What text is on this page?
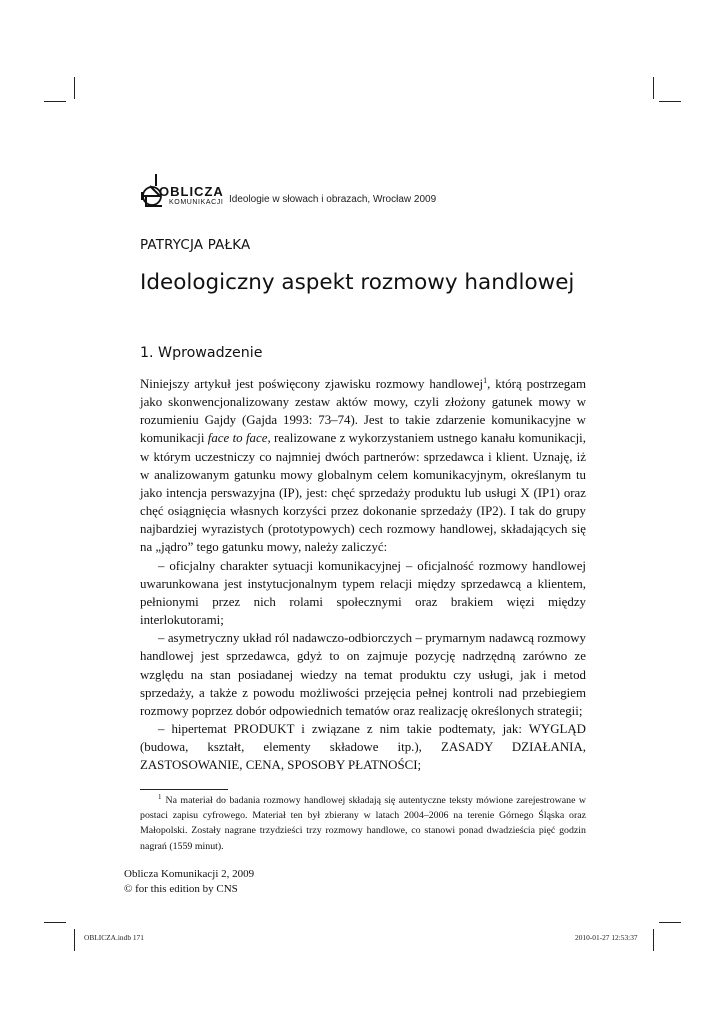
OBLICZA
KOMUNIKACJI Ideologie w słowach i obrazach, Wrocław 2009
PATRYCJA PAŁKA
Ideologiczny aspekt rozmowy handlowej
1. Wprowadzenie

Niniejszy artykuł jest poświęcony zjawisku rozmowy handlowej$^1$, którą postrzegam jako skonwencjonalizowany zestaw aktów mowy, czyli złożony gatunek mowy w rozumieniu Gajdy (Gajda 1993: 73–74). Jest to takie zdarzenie komunikacyjne w komunikacji face to face, realizowane z wykorzystaniem ustnego kanału komunikacji, w którym uczestniczy co najmniej dwóch partnerów: sprzedawca i klient. Uznaję, iż w analizowanym gatunku mowy globalnym celem komunikacyjnym, określanym tu jako intencja perswazyjna (IP), jest: chęć sprzedaży produktu lub usługi X (IP1) oraz chęć osiągnięcia własnych korzyści przez dokonanie sprzedaży (IP2). I tak do grupy najbardziej wyrazistych (prototypowych) cech rozmowy handlowej, składających się na „jądro” tego gatunku mowy, należy zaliczyć:

– oficjalny charakter sytuacji komunikacyjnej – oficjalność rozmowy handlowej uwarunkowana jest instytucjonalnym typem relacji między sprzedawcą a klientem, pełnionymi przez nich rolami społecznymi oraz brakiem więzi między interlokutorami;

– asymetryczny układ ról nadawczo-odbiorczych – prymarnym nadawcą rozmowy handlowej jest sprzedawca, gdyż to on zajmuje pozycję nadrzędną zarówno ze względu na stan posiadanej wiedzy na temat produktu czy usługi, jak i metod sprzedaży, a także z powodu możliwości przejęcia pełnej kontroli nad przebiegiem rozmowy poprzez dobór odpowiednich tematów oraz realizację określonych strategii;

– hipertemat PRODUKT i związane z nim takie podtematy, jak: WYGLĄD (budowa, kształt, elementy składowe itp.), ZASADY DZIAŁANIA, ZASTOSOWANIE, CENA, SPOSOBY PŁATNOŚCI;

$^1$ Na materiał do badania rozmowy handlowej składają się autentyczne teksty mówione zarejestrowane w postaci zapisu cyfrowego. Materiał ten był zbierany w latach 2004–2006 na terenie Górnego Śląska oraz Małopolski. Zostały nagrane trzydzieści trzy rozmowy handlowe, co stanowi ponad dwadzieścia pięć godzin nagrań (1559 minut).

Oblicza Komunikacji 2, 2009
© for this edition by CNS
OBLICZA.indb 171	2010-01-27 12:53:37
